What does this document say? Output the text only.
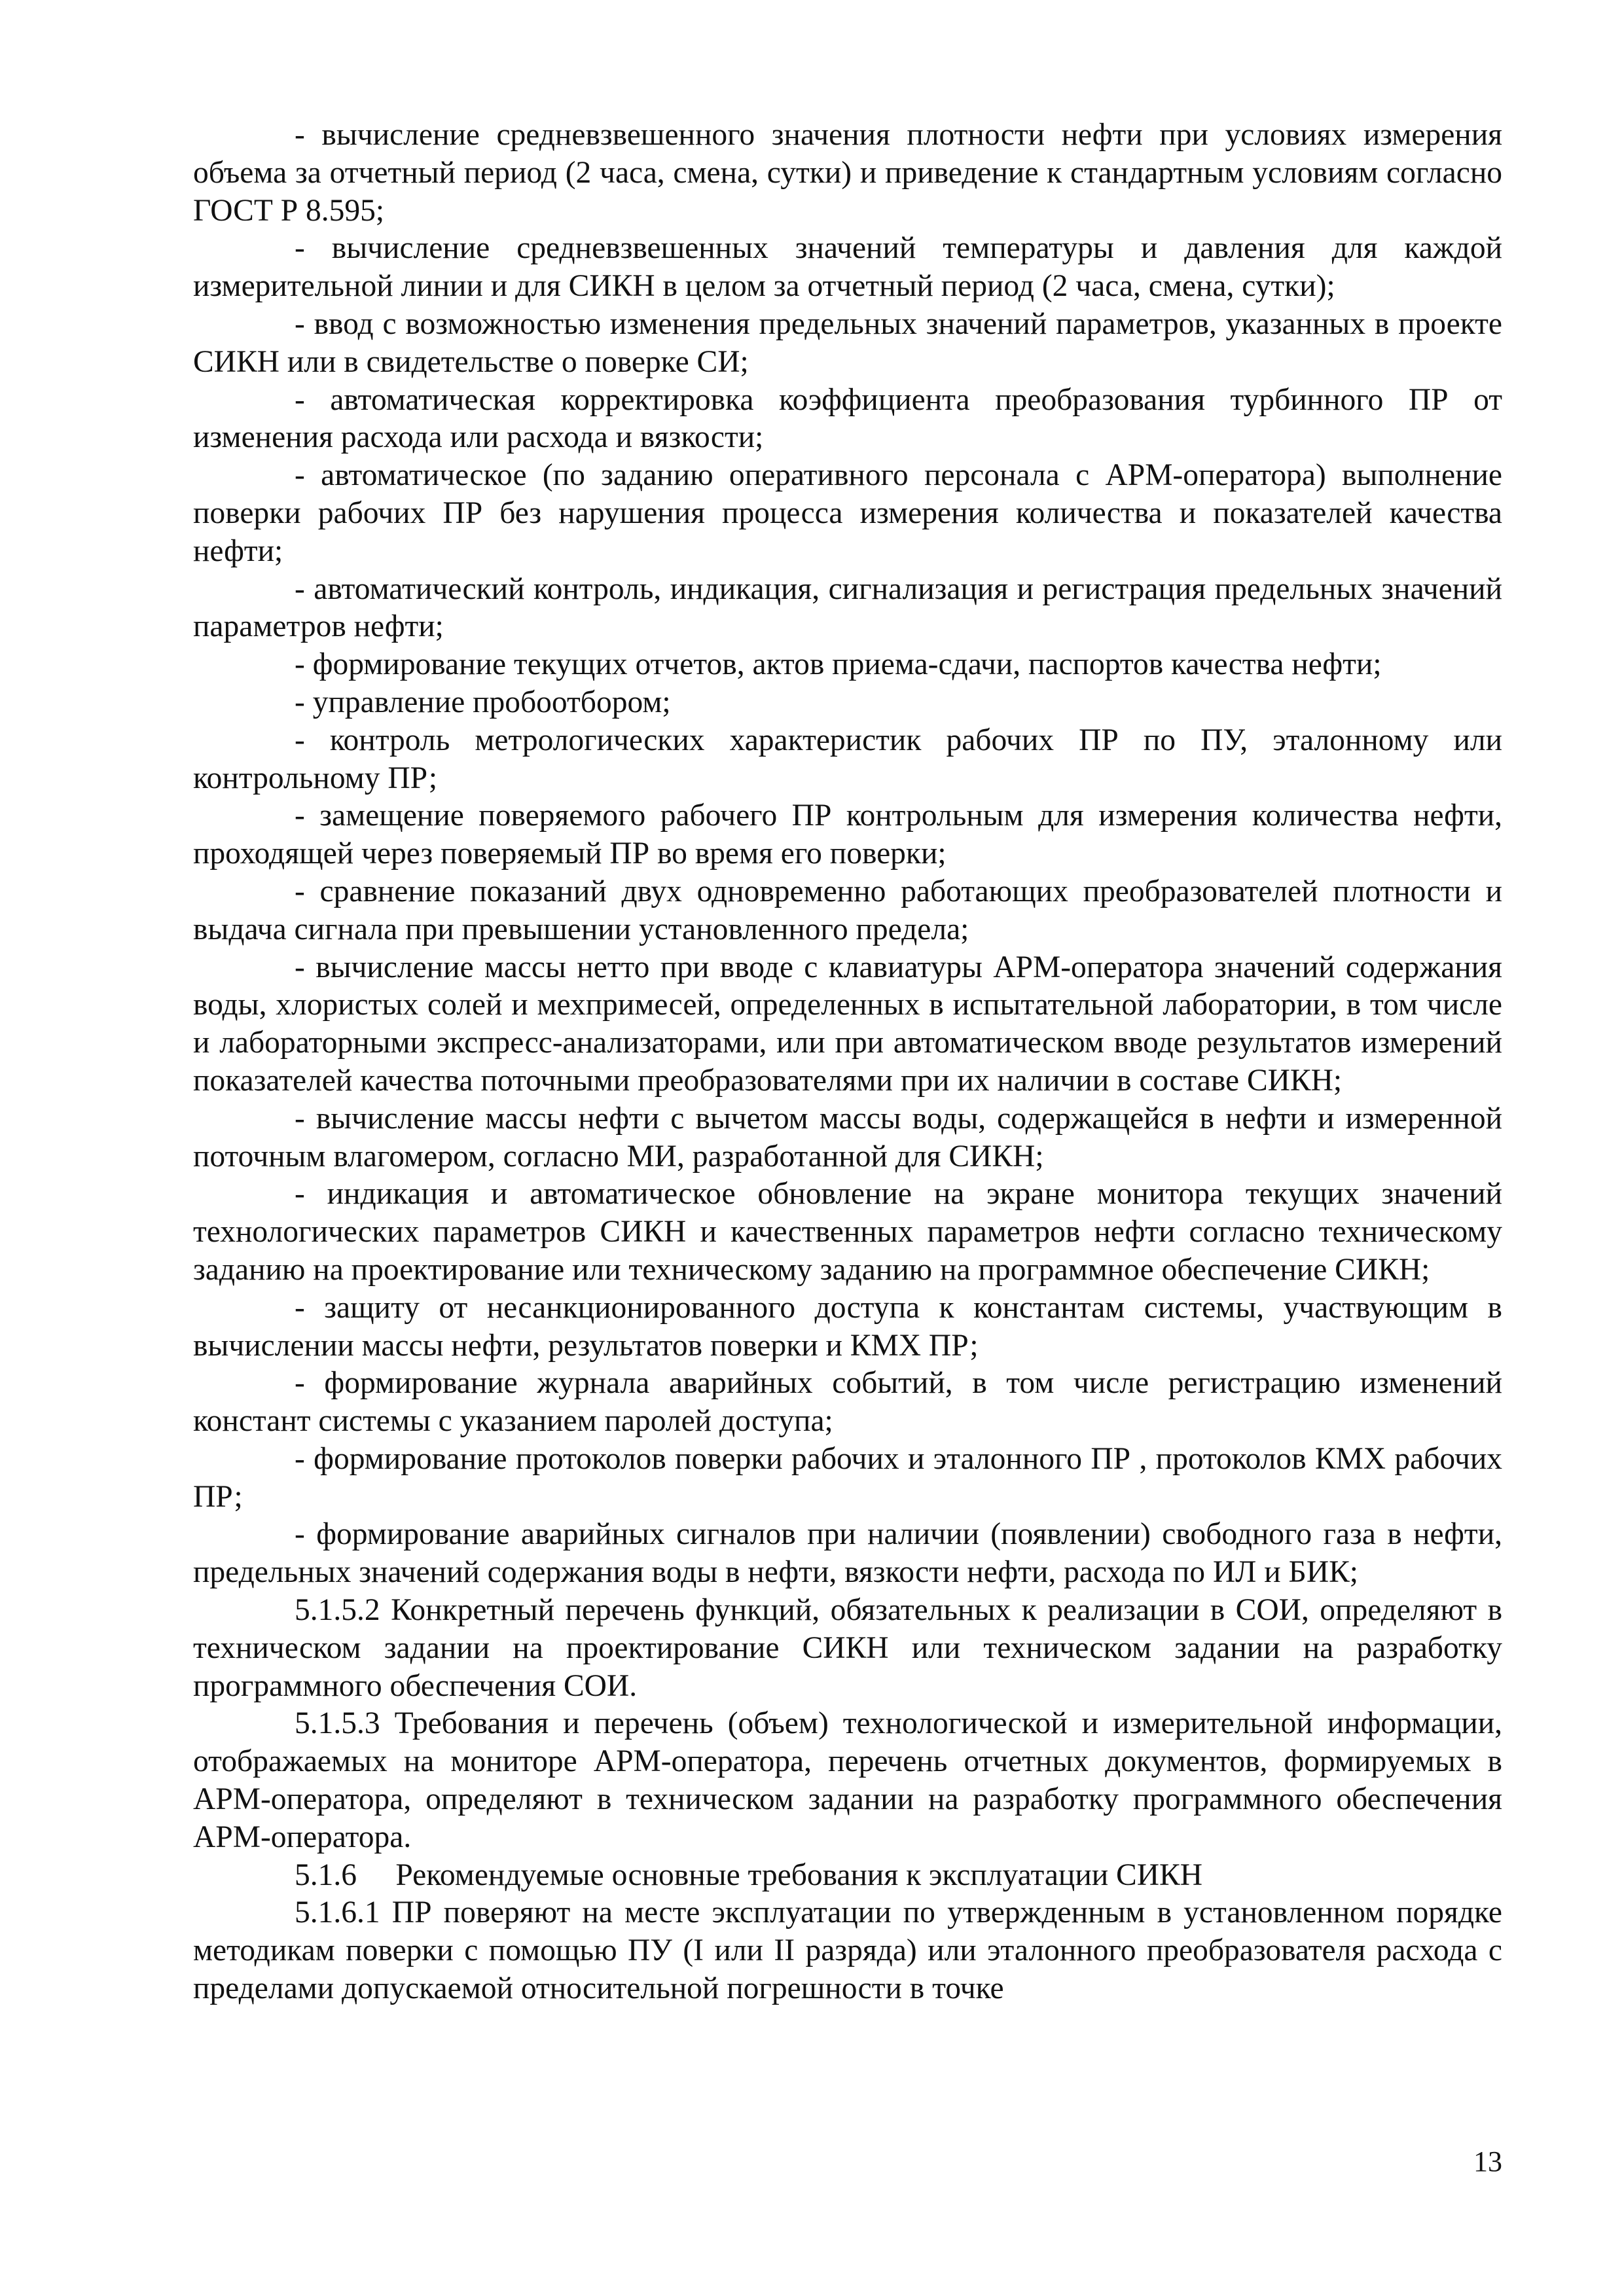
- вычисление средневзвешенного значения плотности нефти при условиях измерения объема за отчетный период (2 часа, смена, сутки) и приведение к стандартным условиям согласно ГОСТ Р 8.595;

- вычисление средневзвешенных значений температуры и давления для каждой измерительной линии и для СИКН в целом за отчетный период (2 часа, смена, сутки);

- ввод с возможностью изменения предельных значений параметров, указанных в проекте СИКН или в свидетельстве о поверке СИ;

- автоматическая корректировка коэффициента преобразования турбинного ПР от изменения расхода или расхода и вязкости;

- автоматическое (по заданию оперативного персонала с АРМ-оператора) выполнение поверки рабочих ПР без нарушения процесса измерения количества и показателей качества нефти;

- автоматический контроль, индикация, сигнализация и регистрация предельных значений параметров нефти;

- формирование текущих отчетов, актов приема-сдачи, паспортов качества нефти;

- управление пробоотбором;

- контроль метрологических характеристик рабочих ПР по ПУ, эталонному или контрольному ПР;

- замещение поверяемого рабочего ПР контрольным для измерения количества нефти, проходящей через поверяемый ПР во время его поверки;

- сравнение показаний двух одновременно работающих преобразователей плотности и выдача сигнала при превышении установленного предела;

- вычисление массы нетто при вводе с клавиатуры АРМ-оператора значений содержания воды, хлористых солей и мехпримесей, определенных в испытательной лаборатории, в том числе и лабораторными экспресс-анализаторами, или при автоматическом вводе результатов измерений показателей качества поточными преобразователями при их наличии в составе СИКН;

- вычисление массы нефти с вычетом массы воды, содержащейся в нефти и измеренной поточным влагомером, согласно МИ, разработанной для СИКН;

- индикация и автоматическое обновление на экране монитора текущих значений технологических параметров СИКН и качественных параметров нефти согласно техническому заданию на проектирование или техническому заданию на программное обеспечение СИКН;

- защиту от несанкционированного доступа к константам системы, участвующим в вычислении массы нефти, результатов поверки и КМХ ПР;

- формирование журнала аварийных событий, в том числе регистрацию изменений констант системы с указанием паролей доступа;

- формирование протоколов поверки рабочих и эталонного ПР , протоколов КМХ рабочих ПР;

- формирование аварийных сигналов при наличии (появлении) свободного газа в нефти, предельных значений содержания воды в нефти, вязкости нефти, расхода по ИЛ и БИК;

5.1.5.2 Конкретный перечень функций, обязательных к реализации в СОИ, определяют в техническом задании на проектирование СИКН или техническом задании на разработку программного обеспечения СОИ.

5.1.5.3 Требования и перечень (объем) технологической и измерительной информации, отображаемых на мониторе АРМ-оператора, перечень отчетных документов, формируемых в АРМ-оператора, определяют в техническом задании на разработку программного обеспечения АРМ-оператора.

5.1.6 Рекомендуемые основные требования к эксплуатации СИКН

5.1.6.1 ПР поверяют на месте эксплуатации по утвержденным в установленном порядке методикам поверки с помощью ПУ (I или II разряда) или эталонного преобразователя расхода с пределами допускаемой относительной погрешности в точке

13
